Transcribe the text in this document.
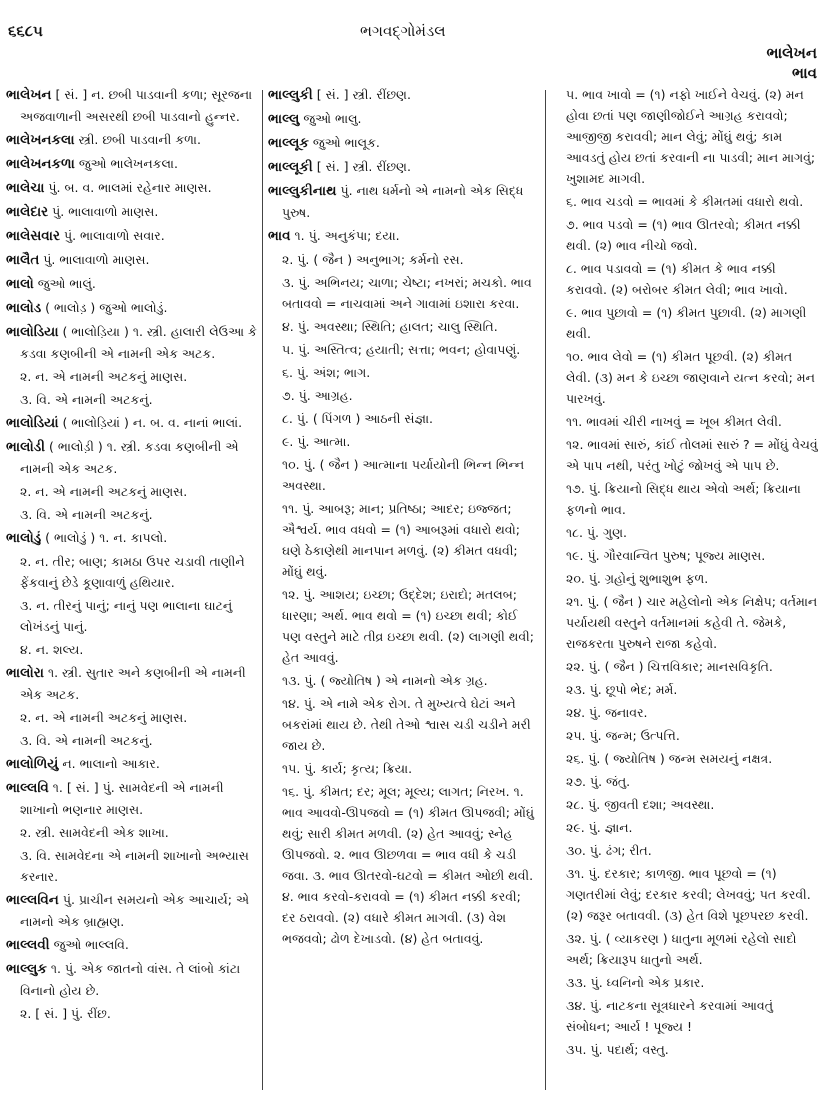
૬૬૮૫	ભગવદ્ગોમંડલ
ભાલેખન
ભાવ

ભાલેખન [ સં. ] ન. છબી પાડવાની કળા; સૂરજના અજવાળાની અસરથી છબી પાડવાનો હુન્નર.

ભાલેખનકલા સ્ત્રી. છબી પાડવાની કળા.

ભાલેખનકળા જુઓ ભાલેખનકલા.

ભાલેચા પું. બ. વ. ભાલમાં રહેનાર માણસ.

ભાલેદાર પું. ભાલાવાળો માણસ.

ભાલેસવાર પું. ભાલાવાળો સવાર.

ભાલૈત પું. ભાલાવાળો માણસ.

ભાલો જુઓ ભાલું.

ભાલોડ ( ભાલોડ઼ ) જુઓ ભાલોડું.

ભાલોડિયા ( ભાલોડ઼િયા ) ૧. સ્ત્રી. હાલારી લેઉઆ કે કડવા કણબીની એ નામની એક અટક.

૨. ન. એ નામની અટકનું માણસ.

૩. વિ. એ નામની અટકનું.

ભાલોડિયાં ( ભાલોડ઼િયાં ) ન. બ. વ. નાનાં ભાલાં.

ભાલોડી ( ભાલોડ઼ી ) ૧. સ્ત્રી. કડવા કણબીની એ નામની એક અટક.

૨. ન. એ નામની અટકનું માણસ.

૩. વિ. એ નામની અટકનું.

ભાલોડું ( ભાલોડ઼ું ) ૧. ન. કાપલો.

૨. ન. તીર; બાણ; કામઠા ઉપર ચડાવી તાણીને ફેંકવાનું છેડે કૂણાવાળું હથિયાર.

૩. ન. તીરનું પાનું; નાનું પણ ભાલાના ઘાટનું લોખંડનું પાનું.

૪. ન. શલ્ય.

ભાલોરા ૧. સ્ત્રી. સુતાર અને કણબીની એ નામની એક અટક.

૨. ન. એ નામની અટકનું માણસ.

૩. વિ. એ નામની અટકનું.

ભાલોળિયું ન. ભાલાનો આકાર.

ભાલ્લવિ ૧. [ સં. ] પું. સામવેદની એ નામની શાખાનો ભણનાર માણસ.

૨. સ્ત્રી. સામવેદની એક શાખા.

૩. વિ. સામવેદના એ નામની શાખાનો અભ્યાસ કરનાર.

ભાલ્લવિન પું. પ્રાચીન સમયનો એક આચાર્ય; એ નામનો એક બ્રાહ્મણ.

ભાલ્લવી જુઓ ભાલ્લવિ.

ભાલ્લુક ૧. પું. એક જાતનો વાંસ. તે લાંબો કાંટા વિનાનો હોય છે.

૨. [ સં. ] પું. રીંછ.

ભાલ્લુકી [ સં. ] સ્ત્રી. રીંછણ.

ભાલ્લુ જુઓ ભાલુ.

ભાલ્લૂક જુઓ ભાલૂક.

ભાલ્લૂકી [ સં. ] સ્ત્રી. રીંછણ.

ભાલ્લુકીનાથ પું. નાથ ધર્મનો એ નામનો એક સિદ્ધ પુરુષ.

ભાવ ૧. પું. અનુકંપા; દયા.

૨. પું. ( જૈન ) અનુભાગ; કર્મનો રસ.

૩. પું. અભિનય; ચાળા; ચેષ્ટા; નખરાં; મચકો. ભાવ બતાવવો = નાચવામાં અને ગાવામાં ઇશારા કરવા.

૪. પું. અવસ્થા; સ્થિતિ; હાલત; ચાલુ સ્થિતિ.

૫. પું. અસ્તિત્વ; હયાતી; સત્તા; ભવન; હોવાપણું.

૬. પું. અંશ; ભાગ.

૭. પું. આગ્રહ.

૮. પું. ( પિંગળ ) આઠની સંજ્ઞા.

૯. પું. આત્મા.

૧૦. પું. ( જૈન ) આત્માના પર્યાયોની ભિન્ન ભિન્ન અવસ્થા.

૧૧. પું. આબરૂ; માન; પ્રતિષ્ઠા; આદર; ઇજ્જત; ઐશ્વર્ય. ભાવ વધવો = (૧) આબરૂમાં વધારો થવો; ઘણે ઠેકાણેથી માનપાન મળવું. (૨) કીમત વધવી; મોંઘું થવું.

૧૨. પું. આશય; ઇચ્છા; ઉદ્દેશ; ઇરાદો; મતલબ; ધારણા; અર્થ. ભાવ થવો = (૧) ઇચ્છા થવી; કોઈ પણ વસ્તુને માટે તીવ્ર ઇચ્છા થવી. (૨) લાગણી થવી; હેત આવવું.

૧૩. પું. ( જ્યોતિષ ) એ નામનો એક ગ્રહ.

૧૪. પું. એ નામે એક રોગ. તે મુખ્યત્વે ઘેટાં અને બકરાંમાં થાય છે. તેથી તેઓ શ્વાસ ચડી ચડીને મરી જાય છે.

૧૫. પું. કાર્ય; કૃત્ય; ક્રિયા.

૧૬. પું. કીમત; દર; મૂલ; મૂલ્ય; લાગત; નિરખ. ૧. ભાવ આવવો-ઊપજવો = (૧) કીમત ઊપજવી; મોંઘું થવું; સારી કીમત મળવી. (૨) હેત આવવું; સ્નેહ ઊપજવો. ૨. ભાવ ઊછળવા = ભાવ વધી કે ચડી જવા. ૩. ભાવ ઊતરવો-ઘટવો = કીમત ઓછી થવી. ૪. ભાવ કરવો-કરાવવો = (૧) કીમત નક્કી કરવી; દર ઠરાવવો. (૨) વધારે કીમત માગવી. (૩) વેશ ભજવવો; ઢોળ દેખાડવો. (૪) હેત બતાવવું.

૫. ભાવ ખાવો = (૧) નફો ખાઈને વેચવું. (૨) મન હોવા છતાં પણ જાણીજોઈને આગ્રહ કરાવવો; આજીજી કરાવવી; માન લેવું; મોંઘું થવું; કામ આવડતું હોય છતાં કરવાની ના પાડવી; માન માગવું; ખુશામદ માગવી.

૬. ભાવ ચડવો = ભાવમાં કે કીમતમાં વધારો થવો.

૭. ભાવ પડવો = (૧) ભાવ ઊતરવો; કીમત નક્કી થવી. (૨) ભાવ નીચો જવો.

૮. ભાવ પડાવવો = (૧) કીમત કે ભાવ નક્કી કરાવવો. (૨) બરોબર કીમત લેવી; ભાવ ખાવો.

૯. ભાવ પુછાવો = (૧) કીમત પુછાવી. (૨) માગણી થવી.

૧૦. ભાવ લેવો = (૧) કીમત પૂછવી. (૨) કીમત લેવી. (૩) મન કે ઇચ્છા જાણવાને યત્ન કરવો; મન પારખવું.

૧૧. ભાવમાં ચીરી નાખવું = ખૂબ કીમત લેવી.

૧૨. ભાવમાં સારું, કાંઈ તોલમાં સારું ? = મોંઘું વેચવું એ પાપ નથી, પરંતુ ખોટું જોખવું એ પાપ છે.

૧૭. પું. ક્રિયાનો સિદ્ધ થાય એવો અર્થ; ક્રિયાના ફળનો ભાવ.

૧૮. પું. ગુણ.

૧૯. પું. ગૌરવાન્વિત પુરુષ; પૂજ્ય માણસ.

૨૦. પું. ગ્રહોનું શુભાશુભ ફળ.

૨૧. પું. ( જૈન ) ચાર મહેલોનો એક નિક્ષેપ; વર્તમાન પર્યાયથી વસ્તુને વર્તમાનમાં કહેવી તે. જેમકે, રાજકરતા પુરુષને રાજા કહેવો.

૨૨. પું. ( જૈન ) ચિત્તવિકાર; માનસવિકૃતિ.

૨૩. પું. છૂપો ભેદ; મર્મ.

૨૪. પું. જનાવર.

૨૫. પું. જન્મ; ઉત્પત્તિ.

૨૬. પું. ( જ્યોતિષ ) જન્મ સમયનું નક્ષત્ર.

૨૭. પું. જંતુ.

૨૮. પું. જીવતી દશા; અવસ્થા.

૨૯. પું. જ્ઞાન.

૩૦. પું. ઢંગ; રીત.

૩૧. પું. દરકાર; કાળજી. ભાવ પૂછવો = (૧) ગણતરીમાં લેવું; દરકાર કરવી; લેખવવું; પત કરવી. (૨) જરૂર બતાવવી. (૩) હેત વિશે પૂછપરછ કરવી.

૩૨. પું. ( વ્યાકરણ ) ધાતુના મૂળમાં રહેલો સાદો અર્થ; ક્રિયારૂપ ધાતુનો અર્થ.

૩૩. પું. ધ્વનિનો એક પ્રકાર.

૩૪. પું. નાટકના સૂત્રધારને કરવામાં આવતું સંબોધન; આર્ય ! પૂજ્ય !

૩૫. પું. પદાર્થ; વસ્તુ.
